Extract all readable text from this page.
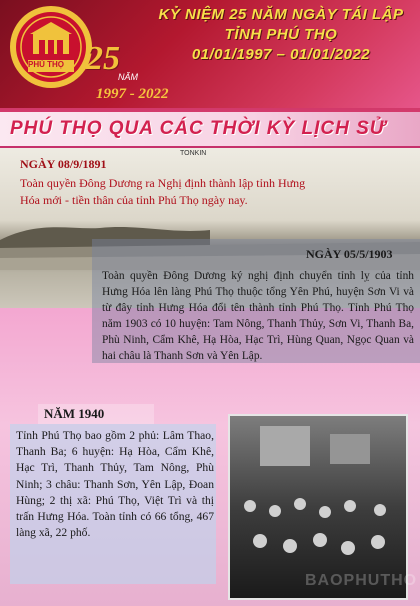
PHÚ THỌ 25
NĂM
1997 - 2022
KỶ NIỆM 25 NĂM NGÀY TÁI LẬP
TỈNH PHÚ THỌ
01/01/1997 – 01/01/2022
PHÚ THỌ QUA CÁC THỜI KỲ LỊCH SỬ
TONKIN
NGÀY 08/9/1891
Toàn quyền Đông Dương ra Nghị định thành lập tỉnh Hưng Hóa mới - tiền thân của tỉnh Phú Thọ ngày nay.
NGÀY 05/5/1903
Toàn quyền Đông Dương ký nghị định chuyển tỉnh lỵ của tỉnh Hưng Hóa lên làng Phú Thọ thuộc tổng Yên Phú, huyện Sơn Vi và từ đây tỉnh Hưng Hóa đổi tên thành tỉnh Phú Thọ. Tỉnh Phú Thọ năm 1903 có 10 huyện: Tam Nông, Thanh Thủy, Sơn Vi, Thanh Ba, Phù Ninh, Cẩm Khê, Hạ Hòa, Hạc Trì, Hùng Quan, Ngọc Quan và hai châu là Thanh Sơn và Yên Lập.
NĂM 1940
Tỉnh Phú Thọ bao gồm 2 phủ: Lâm Thao, Thanh Ba; 6 huyện: Hạ Hòa, Cẩm Khê, Hạc Trì, Thanh Thủy, Tam Nông, Phù Ninh; 3 châu: Thanh Sơn, Yên Lập, Đoan Hùng; 2 thị xã: Phú Thọ, Việt Trì và thị trấn Hưng Hóa. Toàn tỉnh có 66 tổng, 467 làng xã, 22 phố.
BAOPHUTHO
